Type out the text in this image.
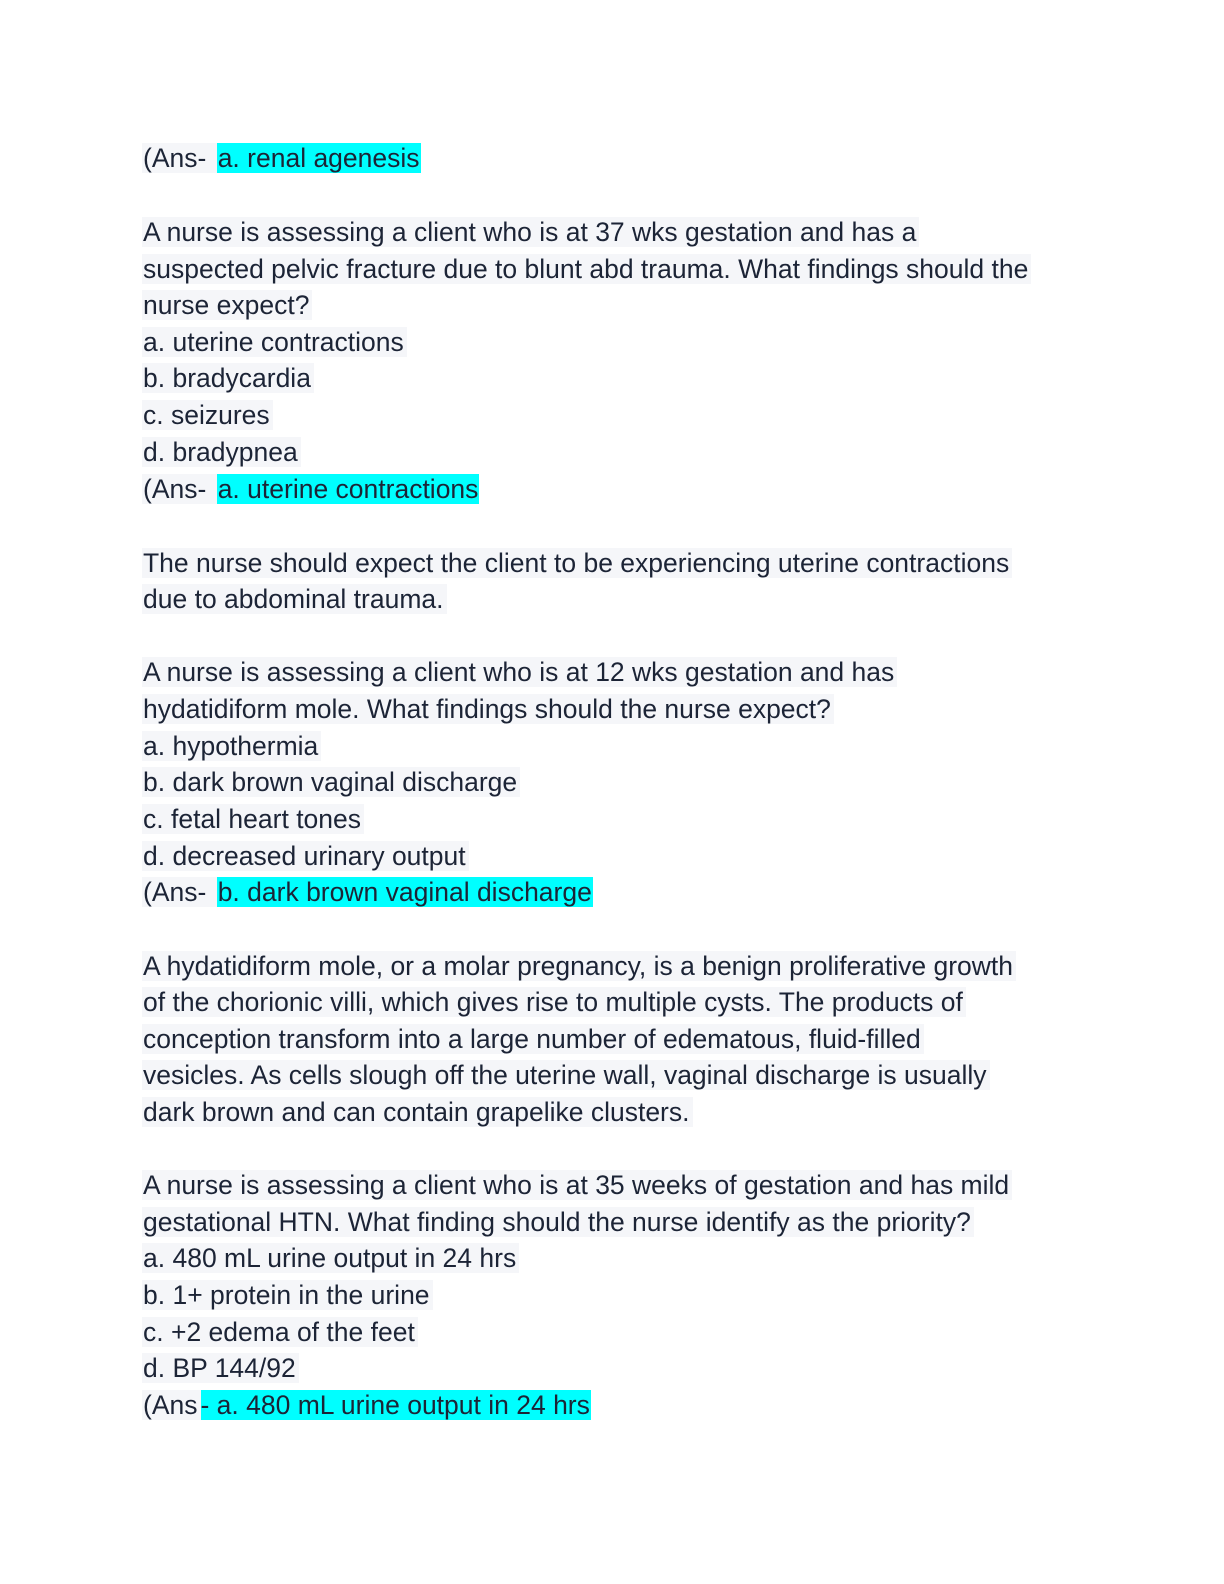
(Ans- a. renal agenesis
A nurse is assessing a client who is at 37 wks gestation and has a
suspected pelvic fracture due to blunt abd trauma. What findings should the
nurse expect?
a. uterine contractions
b. bradycardia
c. seizures
d. bradypnea
(Ans- a. uterine contractions
The nurse should expect the client to be experiencing uterine contractions
due to abdominal trauma.
A nurse is assessing a client who is at 12 wks gestation and has
hydatidiform mole. What findings should the nurse expect?
a. hypothermia
b. dark brown vaginal discharge
c. fetal heart tones
d. decreased urinary output
(Ans- b. dark brown vaginal discharge
A hydatidiform mole, or a molar pregnancy, is a benign proliferative growth
of the chorionic villi, which gives rise to multiple cysts. The products of
conception transform into a large number of edematous, fluid-filled
vesicles. As cells slough off the uterine wall, vaginal discharge is usually
dark brown and can contain grapelike clusters.
A nurse is assessing a client who is at 35 weeks of gestation and has mild
gestational HTN. What finding should the nurse identify as the priority?
a. 480 mL urine output in 24 hrs
b. 1+ protein in the urine
c. +2 edema of the feet
d. BP 144/92
(Ans - a. 480 mL urine output in 24 hrs
